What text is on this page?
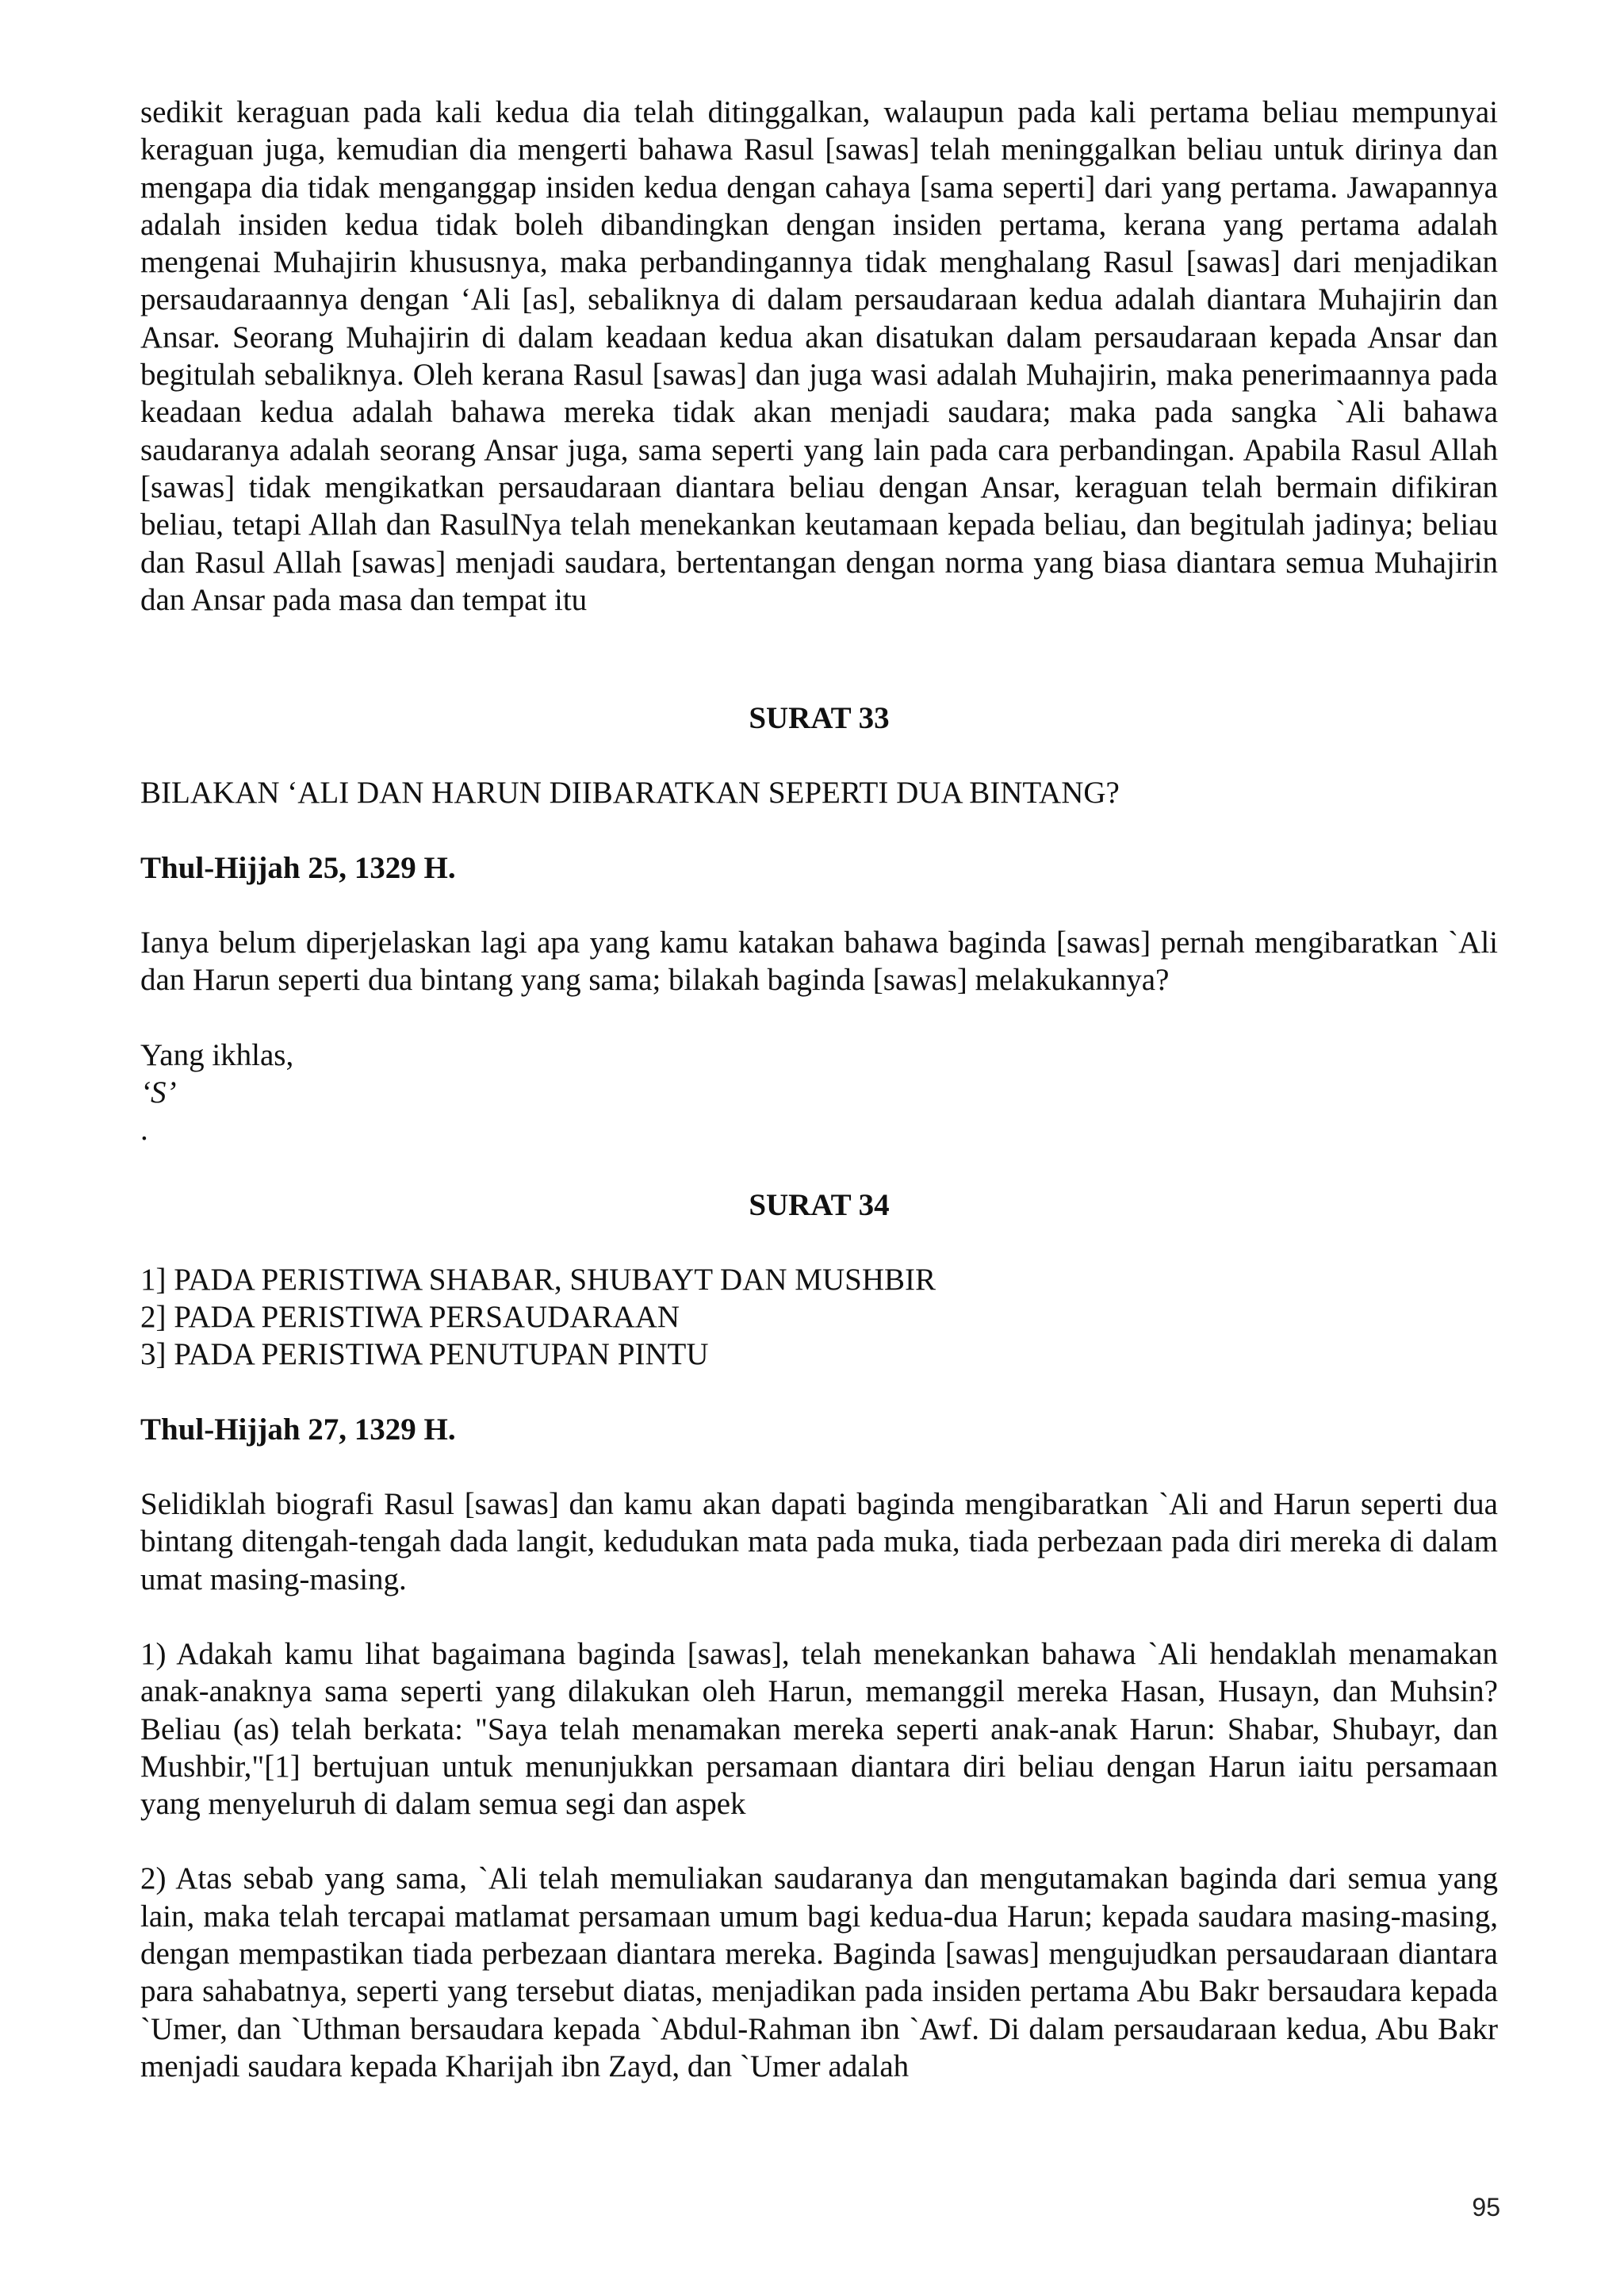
sedikit keraguan pada kali kedua dia telah ditinggalkan, walaupun pada kali pertama beliau mempunyai keraguan juga, kemudian dia mengerti bahawa Rasul [sawas] telah meninggalkan beliau untuk dirinya dan mengapa dia tidak menganggap insiden kedua dengan cahaya [sama seperti] dari yang pertama. Jawapannya adalah insiden kedua tidak boleh dibandingkan dengan insiden pertama, kerana yang pertama adalah mengenai Muhajirin khususnya, maka perbandingannya tidak menghalang Rasul [sawas] dari menjadikan persaudaraannya dengan ‘Ali [as], sebaliknya di dalam persaudaraan kedua adalah diantara Muhajirin dan Ansar. Seorang Muhajirin di dalam keadaan kedua akan disatukan dalam persaudaraan kepada Ansar dan begitulah sebaliknya. Oleh kerana Rasul [sawas] dan juga wasi adalah Muhajirin, maka penerimaannya pada keadaan kedua adalah bahawa mereka tidak akan menjadi saudara; maka pada sangka `Ali bahawa saudaranya adalah seorang Ansar juga, sama seperti yang lain pada cara perbandingan. Apabila Rasul Allah [sawas] tidak mengikatkan persaudaraan diantara beliau dengan Ansar, keraguan telah bermain difikiran beliau, tetapi Allah dan RasulNya telah menekankan keutamaan kepada beliau, dan begitulah jadinya; beliau dan Rasul Allah [sawas] menjadi saudara, bertentangan dengan norma yang biasa diantara semua Muhajirin dan Ansar pada masa dan tempat itu

SURAT 33

BILAKAN ‘ALI DAN HARUN DIIBARATKAN SEPERTI DUA BINTANG?

Thul-Hijjah 25, 1329 H.

Ianya belum diperjelaskan lagi apa yang kamu katakan bahawa baginda [sawas] pernah mengibaratkan `Ali dan Harun seperti dua bintang yang sama; bilakah baginda [sawas] melakukannya?

Yang ikhlas,

‘S’

.

SURAT 34

1] PADA PERISTIWA SHABAR, SHUBAYT DAN MUSHBIR

2] PADA PERISTIWA PERSAUDARAAN

3] PADA PERISTIWA PENUTUPAN PINTU

Thul-Hijjah 27, 1329 H.

Selidiklah biografi Rasul [sawas] dan kamu akan dapati baginda mengibaratkan `Ali and Harun seperti dua bintang ditengah-tengah dada langit, kedudukan mata pada muka, tiada perbezaan pada diri mereka di dalam umat masing-masing.

1) Adakah kamu lihat bagaimana baginda [sawas], telah menekankan bahawa `Ali hendaklah menamakan anak-anaknya sama seperti yang dilakukan oleh Harun, memanggil mereka Hasan, Husayn, dan Muhsin? Beliau (as) telah berkata: "Saya telah menamakan mereka seperti anak-anak Harun: Shabar, Shubayr, dan Mushbir,"[1] bertujuan untuk menunjukkan persamaan diantara diri beliau dengan Harun iaitu persamaan yang menyeluruh di dalam semua segi dan aspek

2) Atas sebab yang sama, `Ali telah memuliakan saudaranya dan mengutamakan baginda dari semua yang lain, maka telah tercapai matlamat persamaan umum bagi kedua-dua Harun; kepada saudara masing-masing, dengan mempastikan tiada perbezaan diantara mereka. Baginda [sawas] mengujudkan persaudaraan diantara para sahabatnya, seperti yang tersebut diatas, menjadikan pada insiden pertama Abu Bakr bersaudara kepada `Umer, dan `Uthman bersaudara kepada `Abdul-Rahman ibn `Awf. Di dalam persaudaraan kedua, Abu Bakr menjadi saudara kepada Kharijah ibn Zayd, dan `Umer adalah

95
